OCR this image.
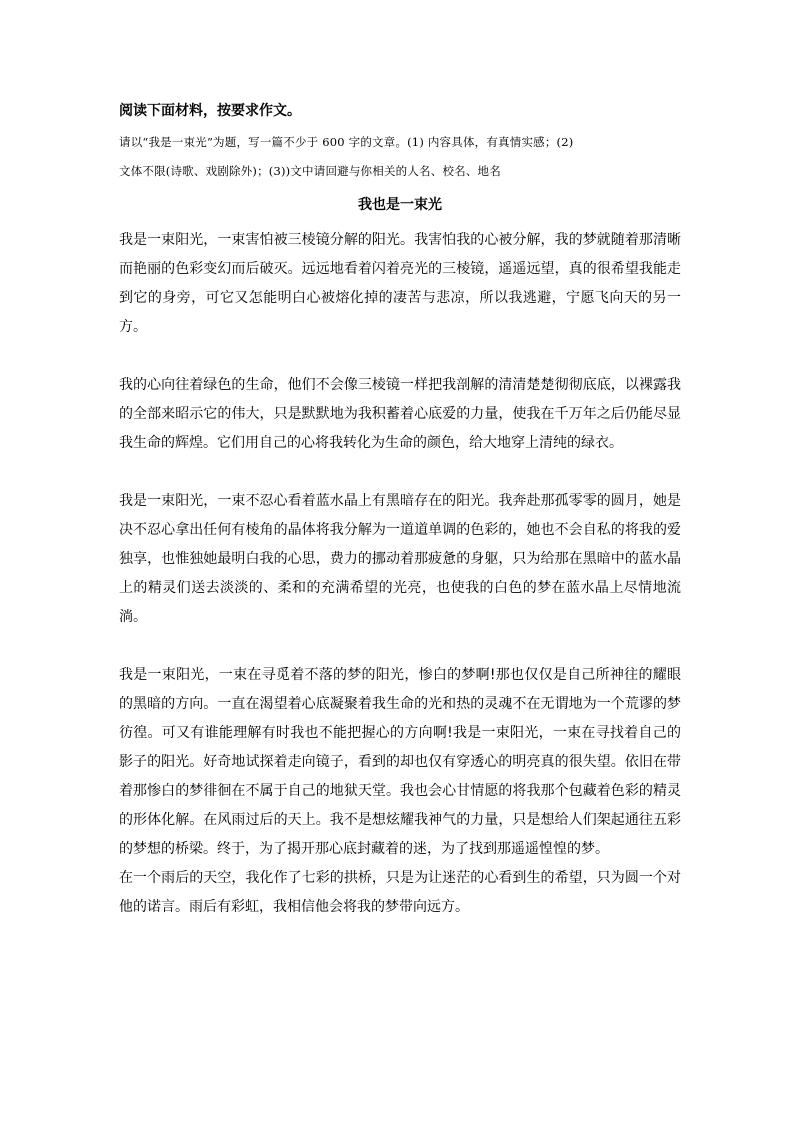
阅读下面材料，按要求作文。
请以“我是一束光”为题，写一篇不少于 600 字的文章。(1) 内容具体，有真情实感；(2)
文体不限(诗歌、戏剧除外)；(3))文中请回避与你相关的人名、校名、地名
我也是一束光

我是一束阳光，一束害怕被三棱镜分解的阳光。我害怕我的心被分解，我的梦就随着那清晰而艳丽的色彩变幻而后破灭。远远地看着闪着亮光的三棱镜，遥遥远望，真的很希望我能走到它的身旁，可它又怎能明白心被熔化掉的凄苦与悲凉，所以我逃避，宁愿飞向天的另一方。

我的心向往着绿色的生命，他们不会像三棱镜一样把我剖解的清清楚楚彻彻底底，以裸露我的全部来昭示它的伟大，只是默默地为我积蓄着心底爱的力量，使我在千万年之后仍能尽显我生命的辉煌。它们用自己的心将我转化为生命的颜色，给大地穿上清纯的绿衣。

我是一束阳光，一束不忍心看着蓝水晶上有黑暗存在的阳光。我奔赴那孤零零的圆月，她是决不忍心拿出任何有棱角的晶体将我分解为一道道单调的色彩的，她也不会自私的将我的爱独享，也惟独她最明白我的心思，费力的挪动着那疲惫的身躯，只为给那在黑暗中的蓝水晶上的精灵们送去淡淡的、柔和的充满希望的光亮，也使我的白色的梦在蓝水晶上尽情地流淌。

我是一束阳光，一束在寻觅着不落的梦的阳光，惨白的梦啊!那也仅仅是自己所神往的耀眼的黑暗的方向。一直在渴望着心底凝聚着我生命的光和热的灵魂不在无谓地为一个荒谬的梦彷徨。可又有谁能理解有时我也不能把握心的方向啊!我是一束阳光，一束在寻找着自己的影子的阳光。好奇地试探着走向镜子，看到的却也仅有穿透心的明亮真的很失望。依旧在带着那惨白的梦徘徊在不属于自己的地狱天堂。我也会心甘情愿的将我那个包藏着色彩的精灵的形体化解。在风雨过后的天上。我不是想炫耀我神气的力量，只是想给人们架起通往五彩的梦想的桥梁。终于，为了揭开那心底封藏着的迷，为了找到那遥遥惶惶的梦。

在一个雨后的天空，我化作了七彩的拱桥，只是为让迷茫的心看到生的希望，只为圆一个对他的诺言。雨后有彩虹，我相信他会将我的梦带向远方。
